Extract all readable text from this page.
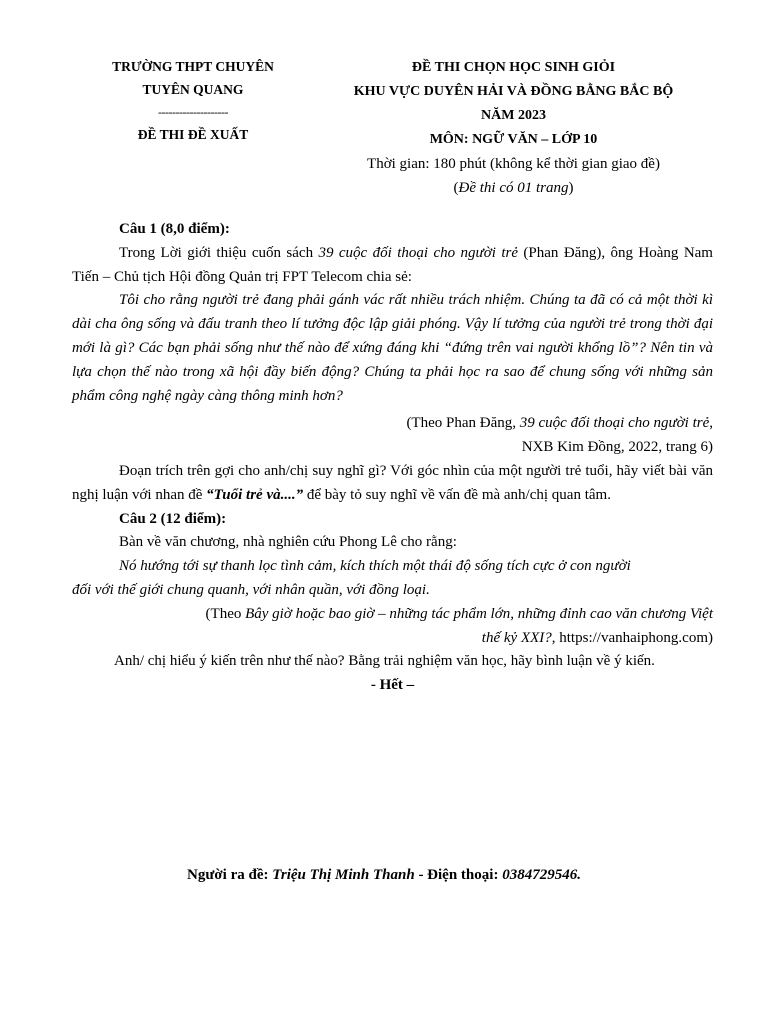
TRƯỜNG THPT CHUYÊN
TUYÊN QUANG
--------------------
ĐỀ THI ĐỀ XUẤT
ĐỀ THI CHỌN HỌC SINH GIỎI
KHU VỰC DUYÊN HẢI VÀ ĐỒNG BẰNG BẮC BỘ
NĂM 2023
MÔN: NGỮ VĂN – LỚP 10
Thời gian: 180 phút (không kể thời gian giao đề)
(Đề thi có 01 trang)
Câu 1 (8,0 điểm):
Trong Lời giới thiệu cuốn sách 39 cuộc đối thoại cho người trẻ (Phan Đăng), ông Hoàng Nam Tiến – Chủ tịch Hội đồng Quản trị FPT Telecom chia sẻ:
Tôi cho rằng người trẻ đang phải gánh vác rất nhiều trách nhiệm. Chúng ta đã có cả một thời kì dài cha ông sống và đấu tranh theo lí tưởng độc lập giải phóng. Vậy lí tưởng của người trẻ trong thời đại mới là gì? Các bạn phải sống như thế nào để xứng đáng khi “đứng trên vai người khổng lồ”? Nên tin và lựa chọn thế nào trong xã hội đầy biến động? Chúng ta phải học ra sao để chung sống với những sản phẩm công nghệ ngày càng thông minh hơn?
(Theo Phan Đăng, 39 cuộc đối thoại cho người trẻ,
NXB Kim Đồng, 2022, trang 6)
Đoạn trích trên gợi cho anh/chị suy nghĩ gì? Với góc nhìn của một người trẻ tuổi, hãy viết bài văn nghị luận với nhan đề “Tuổi trẻ và....” để bày tỏ suy nghĩ về vấn đề mà anh/chị quan tâm.
Câu 2 (12 điểm):
Bàn về văn chương, nhà nghiên cứu Phong Lê cho rằng:
Nó hướng tới sự thanh lọc tình cảm, kích thích một thái độ sống tích cực ở con người
đối với thế giới chung quanh, với nhân quần, với đồng loại.
(Theo Bây giờ hoặc bao giờ – những tác phẩm lớn, những đỉnh cao văn chương Việt
thế kỷ XXI?, https://vanhaiphong.com)
Anh/ chị hiểu ý kiến trên như thế nào? Bằng trải nghiệm văn học, hãy bình luận về ý kiến.
- Hết –
Người ra đề: Triệu Thị Minh Thanh - Điện thoại: 0384729546.
